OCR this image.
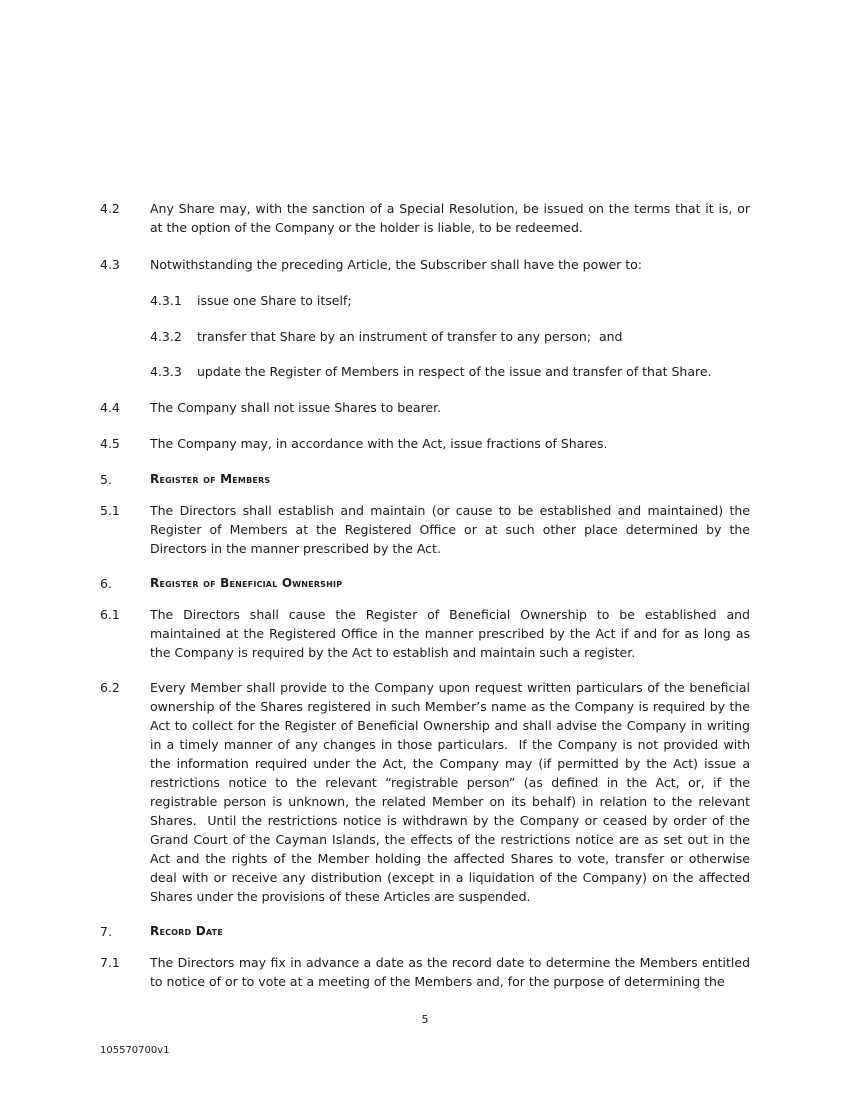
4.2	Any Share may, with the sanction of a Special Resolution, be issued on the terms that it is, or at the option of the Company or the holder is liable, to be redeemed.
4.3	Notwithstanding the preceding Article, the Subscriber shall have the power to:
4.3.1	issue one Share to itself;
4.3.2	transfer that Share by an instrument of transfer to any person;  and
4.3.3	update the Register of Members in respect of the issue and transfer of that Share.
4.4	The Company shall not issue Shares to bearer.
4.5	The Company may, in accordance with the Act, issue fractions of Shares.
5.	Register of Members
5.1	The Directors shall establish and maintain (or cause to be established and maintained) the Register of Members at the Registered Office or at such other place determined by the Directors in the manner prescribed by the Act.
6.	Register of Beneficial Ownership
6.1	The Directors shall cause the Register of Beneficial Ownership to be established and maintained at the Registered Office in the manner prescribed by the Act if and for as long as the Company is required by the Act to establish and maintain such a register.
6.2	Every Member shall provide to the Company upon request written particulars of the beneficial ownership of the Shares registered in such Member’s name as the Company is required by the Act to collect for the Register of Beneficial Ownership and shall advise the Company in writing in a timely manner of any changes in those particulars.  If the Company is not provided with the information required under the Act, the Company may (if permitted by the Act) issue a restrictions notice to the relevant “registrable person” (as defined in the Act, or, if the registrable person is unknown, the related Member on its behalf) in relation to the relevant Shares.  Until the restrictions notice is withdrawn by the Company or ceased by order of the Grand Court of the Cayman Islands, the effects of the restrictions notice are as set out in the Act and the rights of the Member holding the affected Shares to vote, transfer or otherwise deal with or receive any distribution (except in a liquidation of the Company) on the affected Shares under the provisions of these Articles are suspended.
7.	Record Date
7.1	The Directors may fix in advance a date as the record date to determine the Members entitled to notice of or to vote at a meeting of the Members and, for the purpose of determining the
5
105570700v1
